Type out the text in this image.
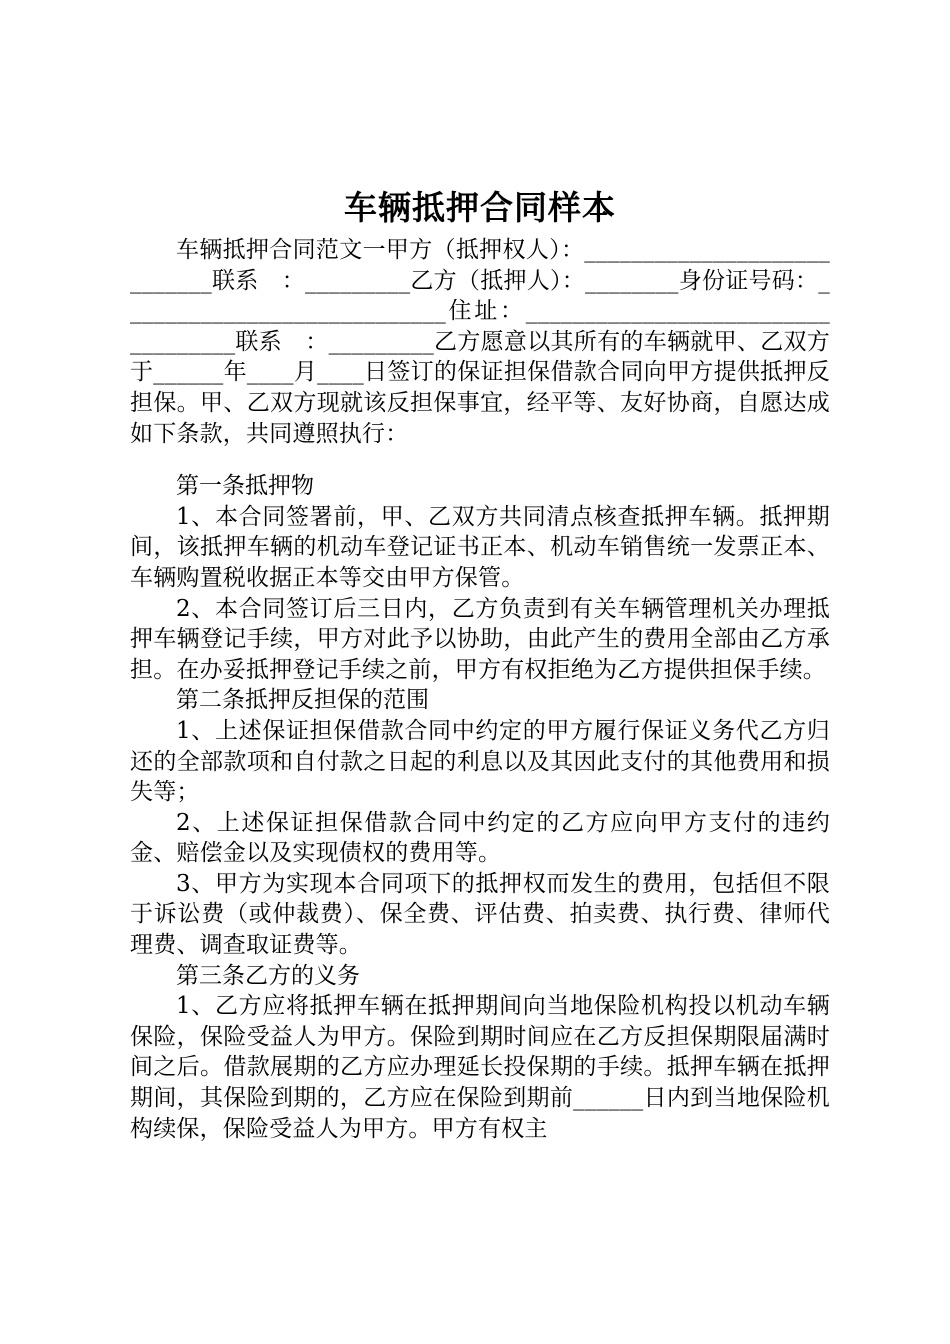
车辆抵押合同样本

车辆抵押合同范文一甲方（抵押权人）：____________________________联系　：_________乙方（抵押人）：________身份证号码：____________________________住址：___________________________________联系　：_________乙方愿意以其所有的车辆就甲、乙双方于______年____月____日签订的保证担保借款合同向甲方提供抵押反担保。甲、乙双方现就该反担保事宜，经平等、友好协商，自愿达成如下条款，共同遵照执行：

第一条抵押物

1、本合同签署前，甲、乙双方共同清点核查抵押车辆。抵押期间，该抵押车辆的机动车登记证书正本、机动车销售统一发票正本、车辆购置税收据正本等交由甲方保管。

2、本合同签订后三日内，乙方负责到有关车辆管理机关办理抵押车辆登记手续，甲方对此予以协助，由此产生的费用全部由乙方承担。在办妥抵押登记手续之前，甲方有权拒绝为乙方提供担保手续。

第二条抵押反担保的范围

1、上述保证担保借款合同中约定的甲方履行保证义务代乙方归还的全部款项和自付款之日起的利息以及其因此支付的其他费用和损失等；

2、上述保证担保借款合同中约定的乙方应向甲方支付的违约金、赔偿金以及实现债权的费用等。

3、甲方为实现本合同项下的抵押权而发生的费用，包括但不限于诉讼费（或仲裁费）、保全费、评估费、拍卖费、执行费、律师代理费、调查取证费等。

第三条乙方的义务

1、乙方应将抵押车辆在抵押期间向当地保险机构投以机动车辆保险，保险受益人为甲方。保险到期时间应在乙方反担保期限届满时间之后。借款展期的乙方应办理延长投保期的手续。抵押车辆在抵押期间，其保险到期的，乙方应在保险到期前______日内到当地保险机构续保，保险受益人为甲方。甲方有权主
